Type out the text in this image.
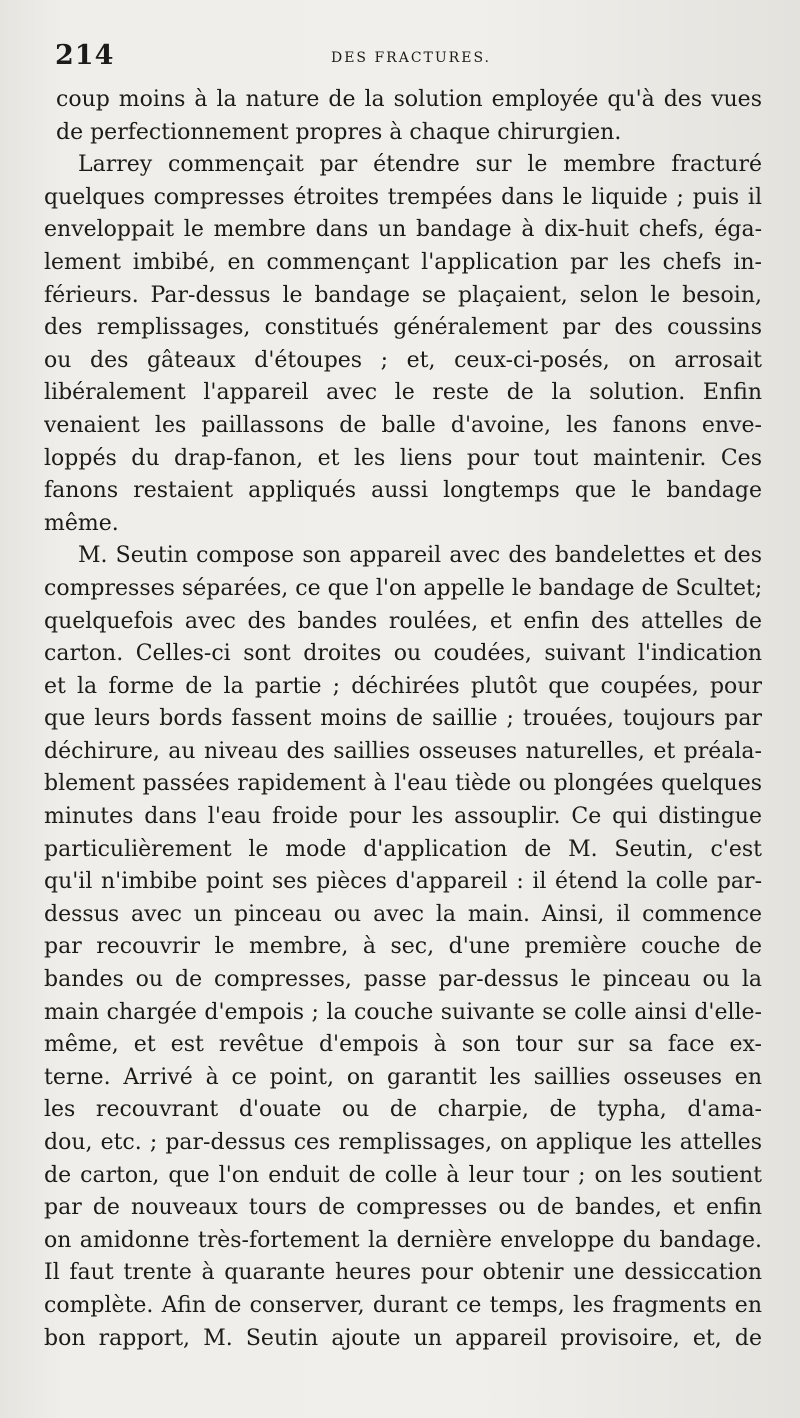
214	DES FRACTURES.
coup moins à la nature de la solution employée qu'à des vues
de perfectionnement propres à chaque chirurgien.
Larrey commençait par étendre sur le membre fracturé
quelques compresses étroites trempées dans le liquide ; puis il
enveloppait le membre dans un bandage à dix-huit chefs, éga-
lement imbibé, en commençant l'application par les chefs in-
férieurs. Par-dessus le bandage se plaçaient, selon le besoin,
des remplissages, constitués généralement par des coussins
ou des gâteaux d'étoupes ; et, ceux-ci-posés, on arrosait
libéralement l'appareil avec le reste de la solution. Enfin
venaient les paillassons de balle d'avoine, les fanons enve-
loppés du drap-fanon, et les liens pour tout maintenir. Ces
fanons restaient appliqués aussi longtemps que le bandage
même.
M. Seutin compose son appareil avec des bandelettes et des
compresses séparées, ce que l'on appelle le bandage de Scultet;
quelquefois avec des bandes roulées, et enfin des attelles de
carton. Celles-ci sont droites ou coudées, suivant l'indication
et la forme de la partie ; déchirées plutôt que coupées, pour
que leurs bords fassent moins de saillie ; trouées, toujours par
déchirure, au niveau des saillies osseuses naturelles, et préala-
blement passées rapidement à l'eau tiède ou plongées quelques
minutes dans l'eau froide pour les assouplir. Ce qui distingue
particulièrement le mode d'application de M. Seutin, c'est
qu'il n'imbibe point ses pièces d'appareil : il étend la colle par-
dessus avec un pinceau ou avec la main. Ainsi, il commence
par recouvrir le membre, à sec, d'une première couche de
bandes ou de compresses, passe par-dessus le pinceau ou la
main chargée d'empois ; la couche suivante se colle ainsi d'elle-
même, et est revêtue d'empois à son tour sur sa face ex-
terne. Arrivé à ce point, on garantit les saillies osseuses en
les recouvrant d'ouate ou de charpie, de typha, d'ama-
dou, etc. ; par-dessus ces remplissages, on applique les attelles
de carton, que l'on enduit de colle à leur tour ; on les soutient
par de nouveaux tours de compresses ou de bandes, et enfin
on amidonne très-fortement la dernière enveloppe du bandage.
Il faut trente à quarante heures pour obtenir une dessiccation
complète. Afin de conserver, durant ce temps, les fragments en
bon rapport, M. Seutin ajoute un appareil provisoire, et, de
